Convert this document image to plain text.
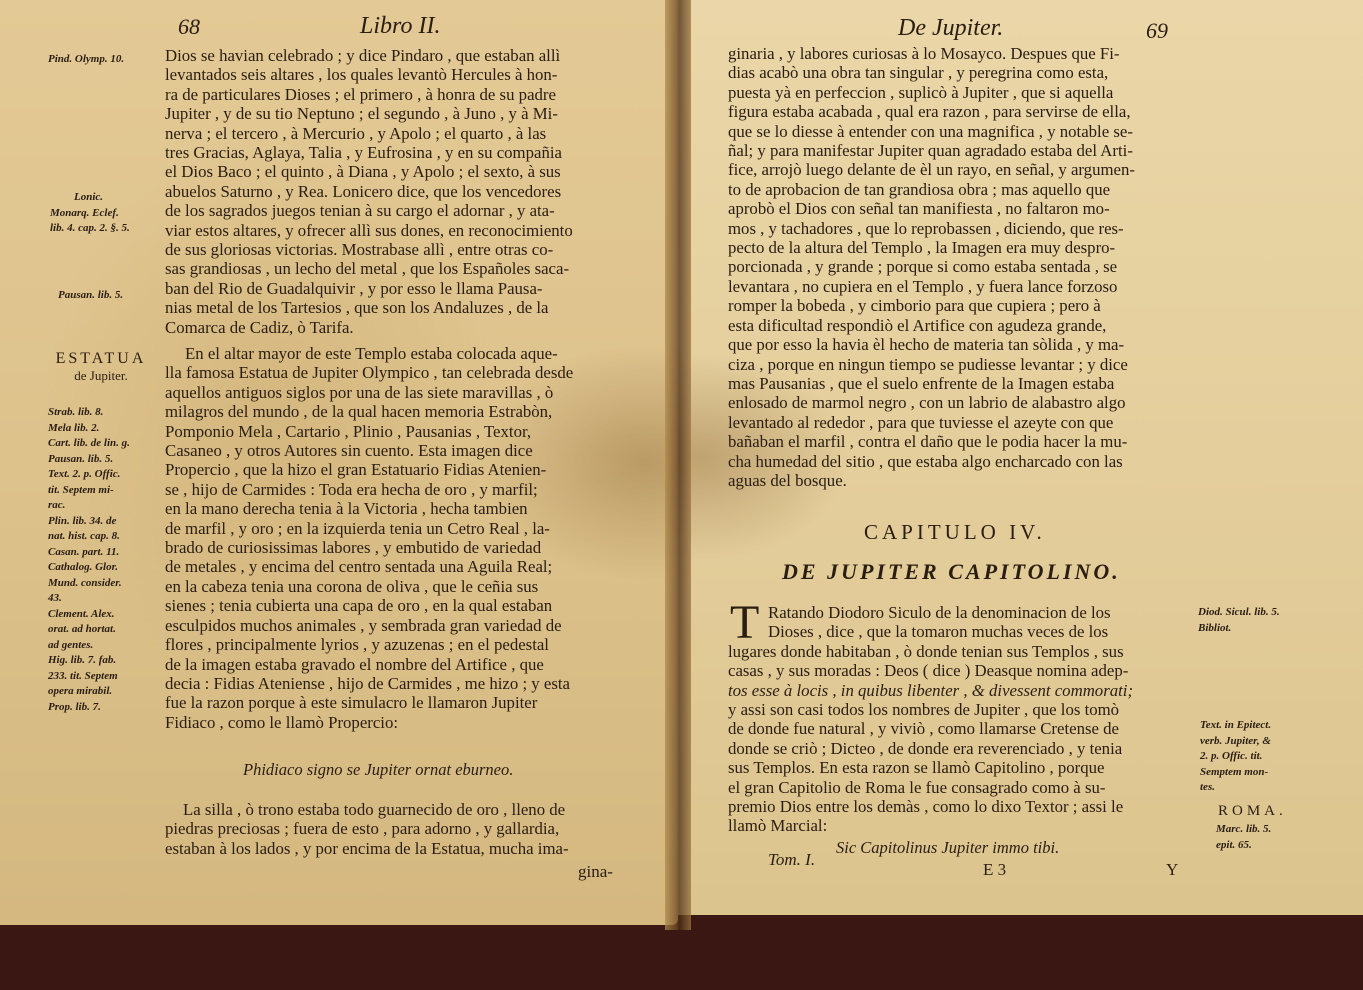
68	Libro II.
Pind. Olymp. 10.
Lonic.
Monarq. Eclef.
lib. 4. cap. 2. §. 5.
Pausan. lib. 5.
ESTATUA
de Jupiter.
Strab. lib. 8.
Mela lib. 2.
Cart. lib. de lin. g.
Pausan. lib. 5.
Text. 2. p. Offic.
tit. Septem mi-
rac.
Plin. lib. 34. de
nat. hist. cap. 8.
Casan. part. 11.
Cathalog. Glor.
Mund. consider.
43.
Clement. Alex.
orat. ad hortat.
ad gentes.
Hig. lib. 7. fab.
233. tit. Septem
opera mirabil.
Prop. lib. 7.
Dios se havian celebrado ; y dice Pindaro , que estaban allì
levantados seis altares , los quales levantò Hercules à hon-
ra de particulares Dioses ; el primero , à honra de su padre
Jupiter , y de su tio Neptuno ; el segundo , à Juno , y à Mi-
nerva ; el tercero , à Mercurio , y Apolo ; el quarto , à las
tres Gracias, Aglaya, Talia , y Eufrosina , y en su compañia
el Dios Baco ; el quinto , à Diana , y Apolo ; el sexto, à sus
abuelos Saturno , y Rea. Lonicero dice, que los vencedores
de los sagrados juegos tenian à su cargo el adornar , y ata-
viar estos altares, y ofrecer allì sus dones, en reconocimiento
de sus gloriosas victorias. Mostrabase allì , entre otras co-
sas grandiosas , un lecho del metal , que los Españoles saca-
ban del Rio de Guadalquivir , y por esso le llama Pausa-
nias metal de los Tartesios , que son los Andaluzes , de la
Comarca de Cadiz, ò Tarifa.
En el altar mayor de este Templo estaba colocada aque-
lla famosa Estatua de Jupiter Olympico , tan celebrada desde
aquellos antiguos siglos por una de las siete maravillas , ò
milagros del mundo , de la qual hacen memoria Estrabòn,
Pomponio Mela , Cartario , Plinio , Pausanias , Textor,
Casaneo , y otros Autores sin cuento. Esta imagen dice
Propercio , que la hizo el gran Estatuario Fidias Atenien-
se , hijo de Carmides : Toda era hecha de oro , y marfil;
en la mano derecha tenia à la Victoria , hecha tambien
de marfil , y oro ; en la izquierda tenia un Cetro Real , la-
brado de curiosissimas labores , y embutido de variedad
de metales , y encima del centro sentada una Aguila Real;
en la cabeza tenia una corona de oliva , que le ceñia sus
sienes ; tenia cubierta una capa de oro , en la qual estaban
esculpidos muchos animales , y sembrada gran variedad de
flores , principalmente lyrios , y azuzenas ; en el pedestal
de la imagen estaba gravado el nombre del Artifice , que
decia : Fidias Ateniense , hijo de Carmides , me hizo ; y esta
fue la razon porque à este simulacro le llamaron Jupiter
Fidiaco , como le llamò Propercio:
Phidiaco signo se Jupiter ornat eburneo.
La silla , ò trono estaba todo guarnecido de oro , lleno de
piedras preciosas ; fuera de esto , para adorno , y gallardia,
estaban à los lados , y por encima de la Estatua, mucha ima-
gina-
De Jupiter.	69
ginaria , y labores curiosas à lo Mosayco. Despues que Fi-
dias acabò una obra tan singular , y peregrina como esta,
puesta yà en perfeccion , suplicò à Jupiter , que si aquella
figura estaba acabada , qual era razon , para servirse de ella,
que se lo diesse à entender con una magnifica , y notable se-
ñal; y para manifestar Jupiter quan agradado estaba del Arti-
fice, arrojò luego delante de èl un rayo, en señal, y argumen-
to de aprobacion de tan grandiosa obra ; mas aquello que
aprobò el Dios con señal tan manifiesta , no faltaron mo-
mos , y tachadores , que lo reprobassen , diciendo, que res-
pecto de la altura del Templo , la Imagen era muy despro-
porcionada , y grande ; porque si como estaba sentada , se
levantara , no cupiera en el Templo , y fuera lance forzoso
romper la bobeda , y cimborio para que cupiera ; pero à
esta dificultad respondiò el Artifice con agudeza grande,
que por esso la havia èl hecho de materia tan sòlida , y ma-
ciza , porque en ningun tiempo se pudiesse levantar ; y dice
mas Pausanias , que el suelo enfrente de la Imagen estaba
enlosado de marmol negro , con un labrio de alabastro algo
levantado al rededor , para que tuviesse el azeyte con que
bañaban el marfil , contra el daño que le podia hacer la mu-
cha humedad del sitio , que estaba algo encharcado con las
aguas del bosque.
CAPITULO IV.
DE JUPITER CAPITOLINO.
T Ratando Diodoro Siculo de la denominacion de los
Dioses , dice , que la tomaron muchas veces de los
lugares donde habitaban , ò donde tenian sus Templos , sus
casas , y sus moradas : Deos ( dice ) Deasque nomina adep-
tos esse à locis , in quibus libenter , & divessent commorati;
y assi son casi todos los nombres de Jupiter , que los tomò
de donde fue natural , y viviò , como llamarse Cretense de
donde se criò ; Dicteo , de donde era reverenciado , y tenia
sus Templos. En esta razon se llamò Capitolino , porque
el gran Capitolio de Roma le fue consagrado como à su-
premio Dios entre los demàs , como lo dixo Textor ; assi le
llamò Marcial:
Sic Capitolinus Jupiter immo tibi.
Tom. I.
E 3	Y
Diod. Sicul. lib. 5.
Bibliot.
Text. in Epitect.
verb. Jupiter, &
2. p. Offic. tit.
Semptem mon-
tes.
ROMA.
Marc. lib. 5.
epit. 65.
